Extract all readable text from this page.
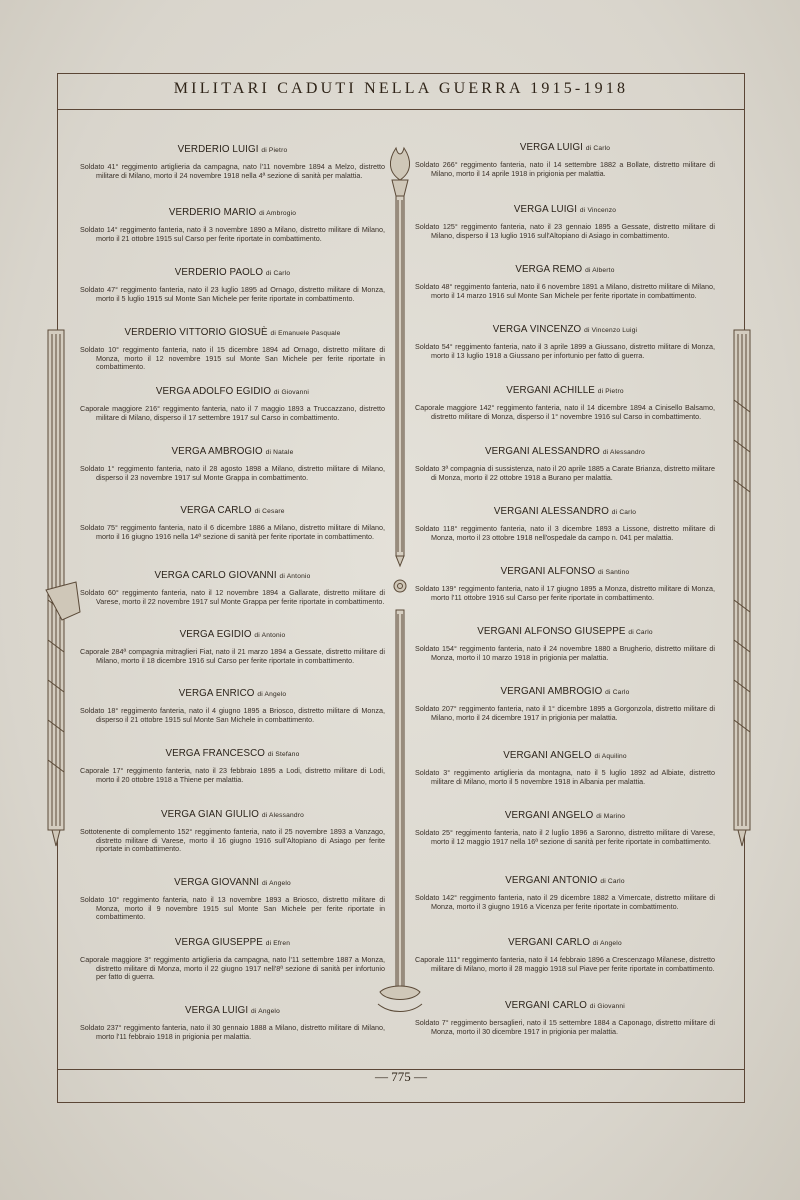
MILITARI CADUTI NELLA GUERRA 1915-1918
VERDERIO LUIGI di Pietro
Soldato 41° reggimento artiglieria da campagna, nato l'11 novembre 1894 a Melzo, distretto militare di Milano, morto il 24 novembre 1918 nella 4ª sezione di sanità per malattia.
VERDERIO MARIO di Ambrogio
Soldato 14° reggimento fanteria, nato il 3 novembre 1890 a Milano, distretto militare di Milano, morto il 21 ottobre 1915 sul Carso per ferite riportate in combattimento.
VERDERIO PAOLO di Carlo
Soldato 47° reggimento fanteria, nato il 23 luglio 1895 ad Ornago, distretto militare di Monza, morto il 5 luglio 1915 sul Monte San Michele per ferite riportate in combattimento.
VERDERIO VITTORIO GIOSUÈ di Emanuele Pasquale
Soldato 10° reggimento fanteria, nato il 15 dicembre 1894 ad Ornago, distretto militare di Monza, morto il 12 novembre 1915 sul Monte San Michele per ferite riportate in combattimento.
VERGA ADOLFO EGIDIO di Giovanni
Caporale maggiore 216° reggimento fanteria, nato il 7 maggio 1893 a Truccazzano, distretto militare di Milano, disperso il 17 settembre 1917 sul Carso in combattimento.
VERGA AMBROGIO di Natale
Soldato 1° reggimento fanteria, nato il 28 agosto 1898 a Milano, distretto militare di Milano, disperso il 23 novembre 1917 sul Monte Grappa in combattimento.
VERGA CARLO di Cesare
Soldato 75° reggimento fanteria, nato il 6 dicembre 1886 a Milano, distretto militare di Milano, morto il 16 giugno 1916 nella 14ª sezione di sanità per ferite riportate in combattimento.
VERGA CARLO GIOVANNI di Antonio
Soldato 60° reggimento fanteria, nato il 12 novembre 1894 a Gallarate, distretto militare di Varese, morto il 22 novembre 1917 sul Monte Grappa per ferite riportate in combattimento.
VERGA EGIDIO di Antonio
Caporale 284ª compagnia mitraglieri Fiat, nato il 21 marzo 1894 a Gessate, distretto militare di Milano, morto il 18 dicembre 1916 sul Carso per ferite riportate in combattimento.
VERGA ENRICO di Angelo
Soldato 18° reggimento fanteria, nato il 4 giugno 1895 a Briosco, distretto militare di Monza, disperso il 21 ottobre 1915 sul Monte San Michele in combattimento.
VERGA FRANCESCO di Stefano
Caporale 17° reggimento fanteria, nato il 23 febbraio 1895 a Lodi, distretto militare di Lodi, morto il 20 ottobre 1918 a Thiene per malattia.
VERGA GIAN GIULIO di Alessandro
Sottotenente di complemento 152° reggimento fanteria, nato il 25 novembre 1893 a Vanzago, distretto militare di Varese, morto il 16 giugno 1916 sull'Altopiano di Asiago per ferite riportate in combattimento.
VERGA GIOVANNI di Angelo
Soldato 10° reggimento fanteria, nato il 13 novembre 1893 a Briosco, distretto militare di Monza, morto il 9 novembre 1915 sul Monte San Michele per ferite riportate in combattimento.
VERGA GIUSEPPE di Efren
Caporale maggiore 3° reggimento artiglieria da campagna, nato l'11 settembre 1887 a Monza, distretto militare di Monza, morto il 22 giugno 1917 nell'8ª sezione di sanità per infortunio per fatto di guerra.
VERGA LUIGI di Angelo
Soldato 237° reggimento fanteria, nato il 30 gennaio 1888 a Milano, distretto militare di Milano, morto l'11 febbraio 1918 in prigionia per malattia.
VERGA LUIGI di Carlo
Soldato 266° reggimento fanteria, nato il 14 settembre 1882 a Bollate, distretto militare di Milano, morto il 14 aprile 1918 in prigionia per malattia.
VERGA LUIGI di Vincenzo
Soldato 125° reggimento fanteria, nato il 23 gennaio 1895 a Gessate, distretto militare di Milano, disperso il 13 luglio 1916 sull'Altopiano di Asiago in combattimento.
VERGA REMO di Alberto
Soldato 48° reggimento fanteria, nato il 6 novembre 1891 a Milano, distretto militare di Milano, morto il 14 marzo 1916 sul Monte San Michele per ferite riportate in combattimento.
VERGA VINCENZO di Vincenzo Luigi
Soldato 54° reggimento fanteria, nato il 3 aprile 1899 a Giussano, distretto militare di Monza, morto il 13 luglio 1918 a Giussano per infortunio per fatto di guerra.
VERGANI ACHILLE di Pietro
Caporale maggiore 142° reggimento fanteria, nato il 14 dicembre 1894 a Cinisello Balsamo, distretto militare di Monza, disperso il 1° novembre 1916 sul Carso in combattimento.
VERGANI ALESSANDRO di Alessandro
Soldato 3ª compagnia di sussistenza, nato il 20 aprile 1885 a Carate Brianza, distretto militare di Monza, morto il 22 ottobre 1918 a Burano per malattia.
VERGANI ALESSANDRO di Carlo
Soldato 118° reggimento fanteria, nato il 3 dicembre 1893 a Lissone, distretto militare di Monza, morto il 23 ottobre 1918 nell'ospedale da campo n. 041 per malattia.
VERGANI ALFONSO di Santino
Soldato 139° reggimento fanteria, nato il 17 giugno 1895 a Monza, distretto militare di Monza, morto l'11 ottobre 1916 sul Carso per ferite riportate in combattimento.
VERGANI ALFONSO GIUSEPPE di Carlo
Soldato 154° reggimento fanteria, nato il 24 novembre 1880 a Brugherio, distretto militare di Monza, morto il 10 marzo 1918 in prigionia per malattia.
VERGANI AMBROGIO di Carlo
Soldato 207° reggimento fanteria, nato il 1° dicembre 1895 a Gorgonzola, distretto militare di Milano, morto il 24 dicembre 1917 in prigionia per malattia.
VERGANI ANGELO di Aquilino
Soldato 3° reggimento artiglieria da montagna, nato il 5 luglio 1892 ad Albiate, distretto militare di Milano, morto il 5 novembre 1918 in Albania per malattia.
VERGANI ANGELO di Marino
Soldato 25° reggimento fanteria, nato il 2 luglio 1896 a Saronno, distretto militare di Varese, morto il 12 maggio 1917 nella 16ª sezione di sanità per ferite riportate in combattimento.
VERGANI ANTONIO di Carlo
Soldato 142° reggimento fanteria, nato il 29 dicembre 1882 a Vimercate, distretto militare di Monza, morto il 3 giugno 1916 a Vicenza per ferite riportate in combattimento.
VERGANI CARLO di Angelo
Caporale 111° reggimento fanteria, nato il 14 febbraio 1896 a Crescenzago Milanese, distretto militare di Milano, morto il 28 maggio 1918 sul Piave per ferite riportate in combattimento.
VERGANI CARLO di Giovanni
Soldato 7° reggimento bersaglieri, nato il 15 settembre 1884 a Caponago, distretto militare di Monza, morto il 30 dicembre 1917 in prigionia per malattia.
— 775 —
